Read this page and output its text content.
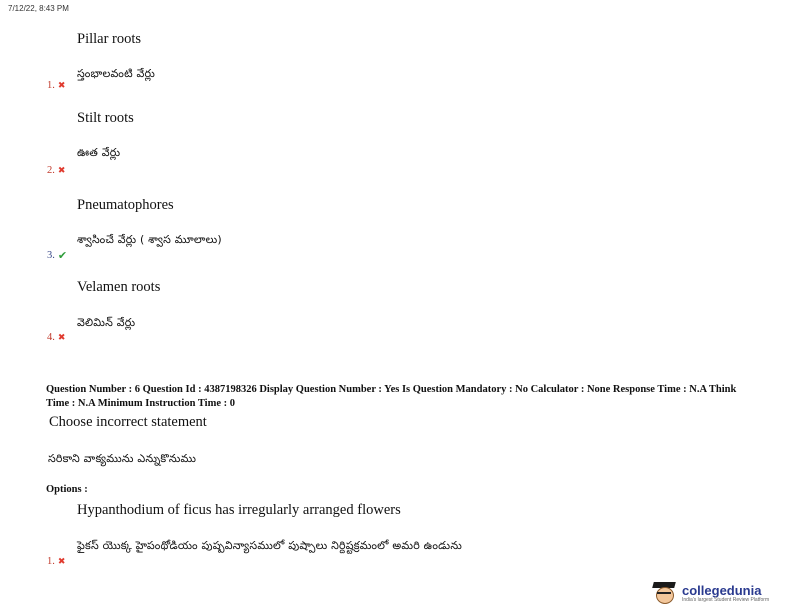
7/12/22, 8:43 PM
Pillar roots
స్తంభాలవంటి వేర్లు
1. ✖
Stilt roots
ఊత వేర్లు
2. ✖
Pneumatophores
శ్వాసించే వేర్లు ( శ్వాస మూలాలు)
3. ✔
Velamen roots
వెలిమిన్ వేర్లు
4. ✖
Question Number : 6 Question Id : 4387198326 Display Question Number : Yes Is Question Mandatory : No Calculator : None Response Time : N.A Think Time : N.A Minimum Instruction Time : 0
Choose incorrect statement
సరికాని వాక్యమును ఎన్నుకొనుము
Options :
Hypanthodium of ficus has irregularly arranged flowers
ఫైకస్ యొక్క హైపంథోడియం పుష్పవిన్యాసములో పుష్పాలు నిర్దిష్టక్రమంలో అమరి ఉండును
1. ✖
collegedunia
India's largest Student Review Platform
